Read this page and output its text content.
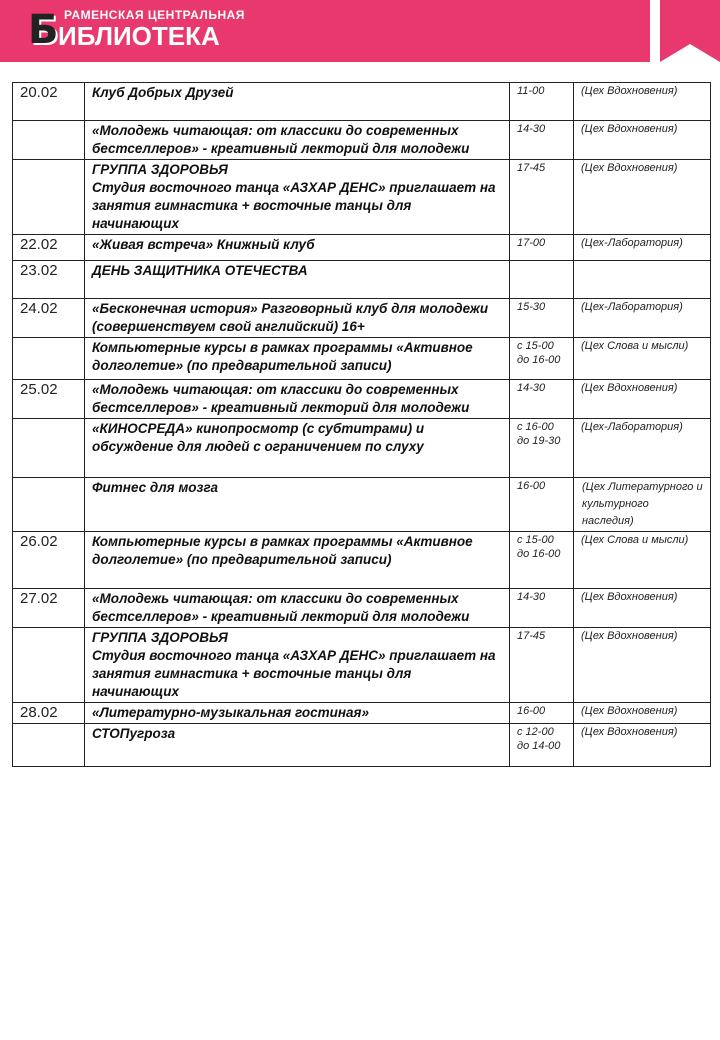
Б РАМЕНСКАЯ ЦЕНТРАЛЬНАЯ
ИБЛИОТЕКА
20.02	Клуб Добрых Друзей	11-00	(Цех Вдохновения)

	«Молодежь читающая: от классики до современных бестселлеров» - креативный лекторий для молодежи	14-30	(Цех Вдохновения)

	ГРУППА ЗДОРОВЬЯ
Студия восточного танца «АЗХАР ДЕНС» приглашает на занятия гимнастика + восточные танцы для начинающих	17-45	(Цех Вдохновения)
22.02	«Живая встреча» Книжный клуб	17-00	(Цех-Лаборатория)
23.02	ДЕНЬ ЗАЩИТНИКА ОТЕЧЕСТВА		

24.02	«Бесконечная история» Разговорный клуб для молодежи (совершенствуем свой английский) 16+	15-30	(Цех-Лаборатория)

	Компьютерные курсы в рамках программы «Активное долголетие» (по предварительной записи)	с 15-00 до 16-00	(Цех Слова и мысли)
25.02	«Молодежь читающая: от классики до современных бестселлеров» - креативный лекторий для молодежи	14-30	(Цех Вдохновения)

	«КИНОСРЕДА» кинопросмотр (с субтитрами) и обсуждение для людей с ограничением по слуху	с 16-00 до 19-30	(Цех-Лаборатория)

	Фитнес для мозга	16-00	(Цех Литературного и культурного наследия)
26.02	Компьютерные курсы в рамках программы «Активное долголетие» (по предварительной записи)	с 15-00 до 16-00	(Цех Слова и мысли)
27.02	«Молодежь читающая: от классики до современных бестселлеров» - креативный лекторий для молодежи	14-30	(Цех Вдохновения)

	ГРУППА ЗДОРОВЬЯ
Студия восточного танца «АЗХАР ДЕНС» приглашает на занятия гимнастика + восточные танцы для начинающих	17-45	(Цех Вдохновения)
28.02	«Литературно-музыкальная гостиная»	16-00	(Цех Вдохновения)

	СТОПугроза	с 12-00 до 14-00	(Цех Вдохновения)
